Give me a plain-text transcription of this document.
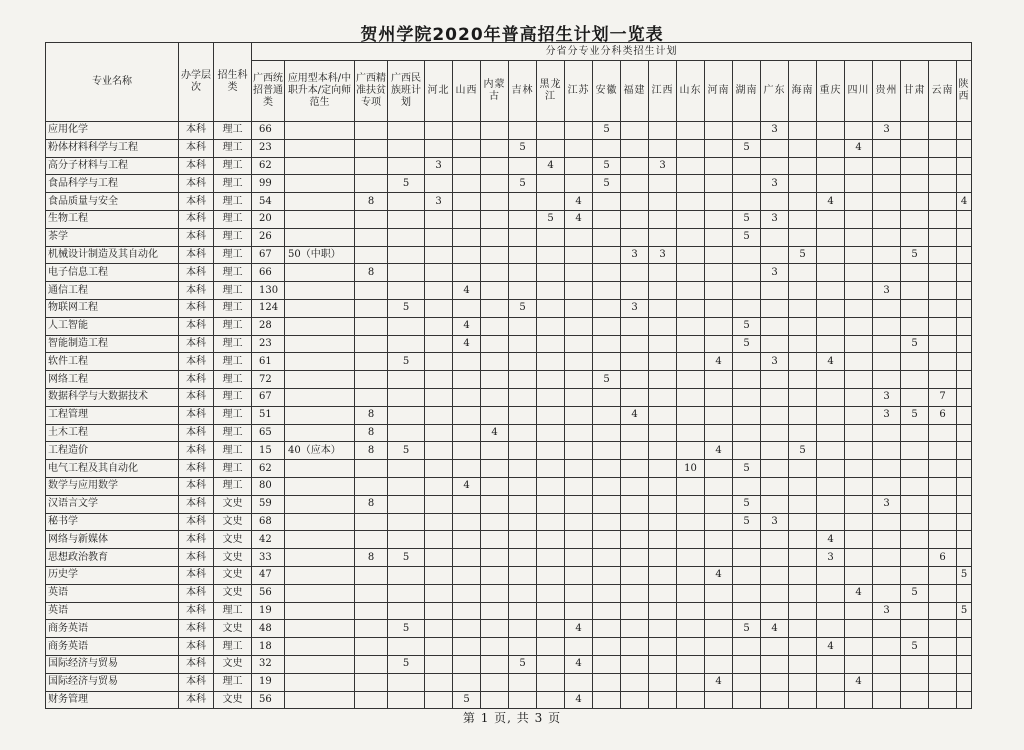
贺州学院2020年普高招生计划一览表
专业名称	办学层次	招生科类	分省分专业分科类招生计划																							
			广西统招普通类	应用型本科/中职升本/定向师范生	广西精准扶贫专项	广西民族班计划	河北	山西	内蒙古	吉林	黑龙江	江苏	安徽	福建	江西	山东	河南	湖南	广东	海南	重庆	四川	贵州	甘肃	云南	陕西
应用化学	本科	理工	66										5						3				3			
粉体材料科学与工程	本科	理工	23							5								5				4				
高分子材料与工程	本科	理工	62				3				4		5		3											
食品科学与工程	本科	理工	99			5				5			5						3							
食品质量与安全	本科	理工	54		8		3					4									4					4
生物工程	本科	理工	20								5	4						5	3							
茶学	本科	理工	26															5								
机械设计制造及其自动化	本科	理工	67	50（中职）										3	3					5				5		
电子信息工程	本科	理工	66		8														3							
通信工程	本科	理工	130					4															3			
物联网工程	本科	理工	124			5				5				3												
人工智能	本科	理工	28					4										5								
智能制造工程	本科	理工	23					4										5						5		
软件工程	本科	理工	61			5											4		3		4					
网络工程	本科	理工	72										5													
数据科学与大数据技术	本科	理工	67																				3		7	
工程管理	本科	理工	51		8									4									3	5	6	
土木工程	本科	理工	65		8				4																	
工程造价	本科	理工	15	40（应本）	8	5											4			5						
电气工程及其自动化	本科	理工	62													10		5								
数学与应用数学	本科	理工	80					4																		
汉语言文学	本科	文史	59		8													5					3			
秘书学	本科	文史	68															5	3							
网络与新媒体	本科	文史	42																		4					
思想政治教育	本科	文史	33		8	5															3				6	
历史学	本科	文史	47														4									5
英语	本科	文史	56																			4		5		
英语	本科	理工	19																				3			5
商务英语	本科	文史	48			5						4						5	4							
商务英语	本科	理工	18																		4			5		
国际经济与贸易	本科	文史	32			5				5		4														
国际经济与贸易	本科	理工	19														4					4				
财务管理	本科	文史	56					5				4														
第 1 页, 共 3 页
